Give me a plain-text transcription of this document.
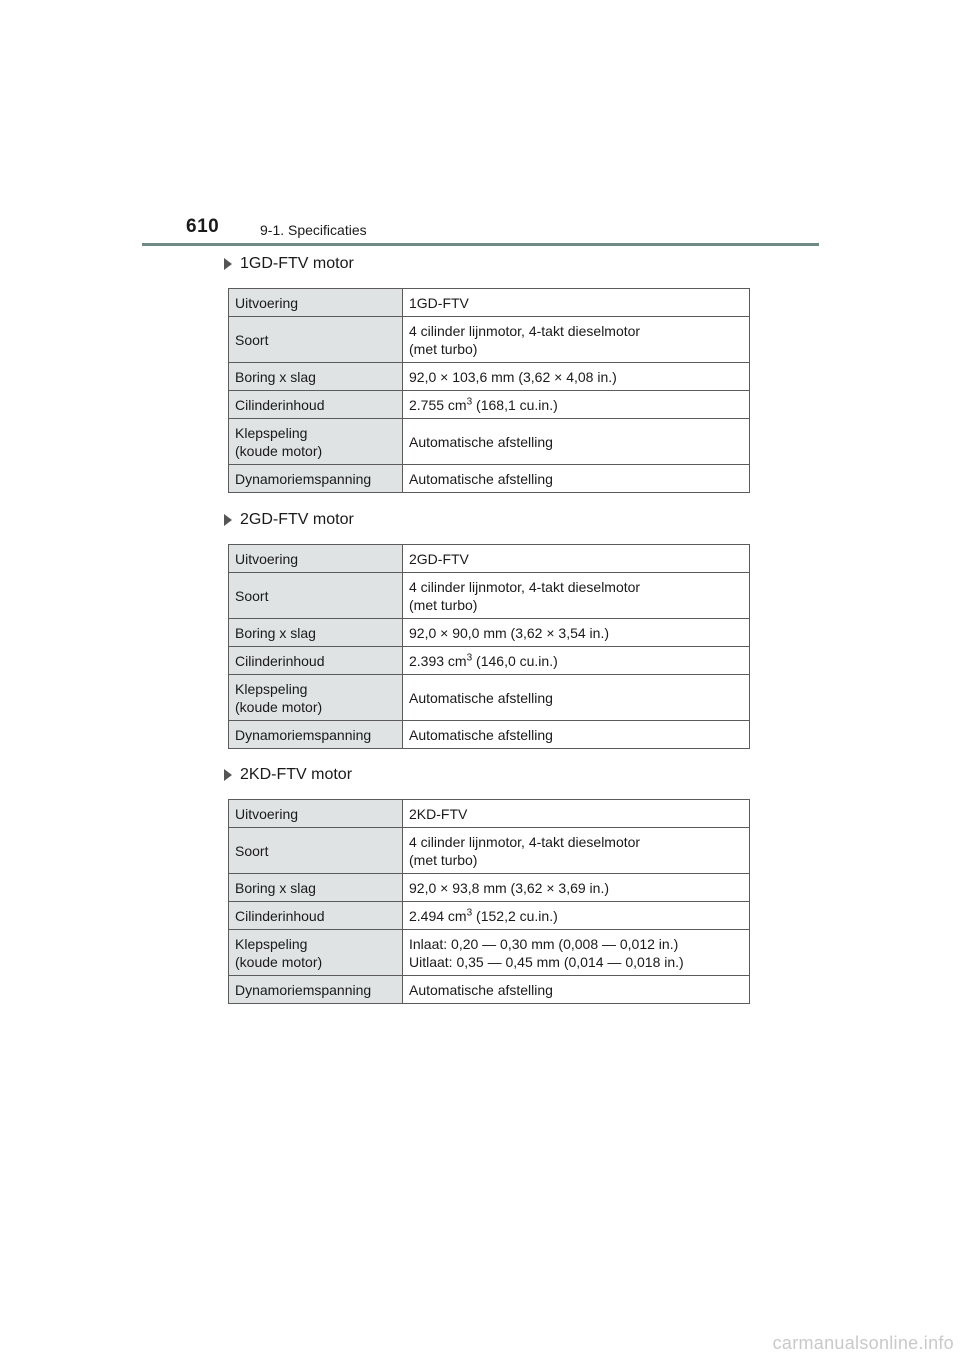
610	9-1. Specificaties
1GD-FTV motor
Uitvoering	1GD-FTV
Soort	4 cilinder lijnmotor, 4-takt dieselmotor
(met turbo)
Boring x slag	92,0 × 103,6 mm (3,62 × 4,08 in.)
Cilinderinhoud	2.755 $cm^3$ (168,1 cu.in.)
Klepspeling
(koude motor)	Automatische afstelling
Dynamoriemspanning	Automatische afstelling
2GD-FTV motor
Uitvoering	2GD-FTV
Soort	4 cilinder lijnmotor, 4-takt dieselmotor
(met turbo)
Boring x slag	92,0 × 90,0 mm (3,62 × 3,54 in.)
Cilinderinhoud	2.393 $cm^3$ (146,0 cu.in.)
Klepspeling
(koude motor)	Automatische afstelling
Dynamoriemspanning	Automatische afstelling
2KD-FTV motor
Uitvoering	2KD-FTV
Soort	4 cilinder lijnmotor, 4-takt dieselmotor
(met turbo)
Boring x slag	92,0 × 93,8 mm (3,62 × 3,69 in.)
Cilinderinhoud	2.494 $cm^3$ (152,2 cu.in.)
Klepspeling
(koude motor)	Inlaat: 0,20 — 0,30 mm (0,008 — 0,012 in.)
Uitlaat: 0,35 — 0,45 mm (0,014 — 0,018 in.)
Dynamoriemspanning	Automatische afstelling
carmanualsonline.info
